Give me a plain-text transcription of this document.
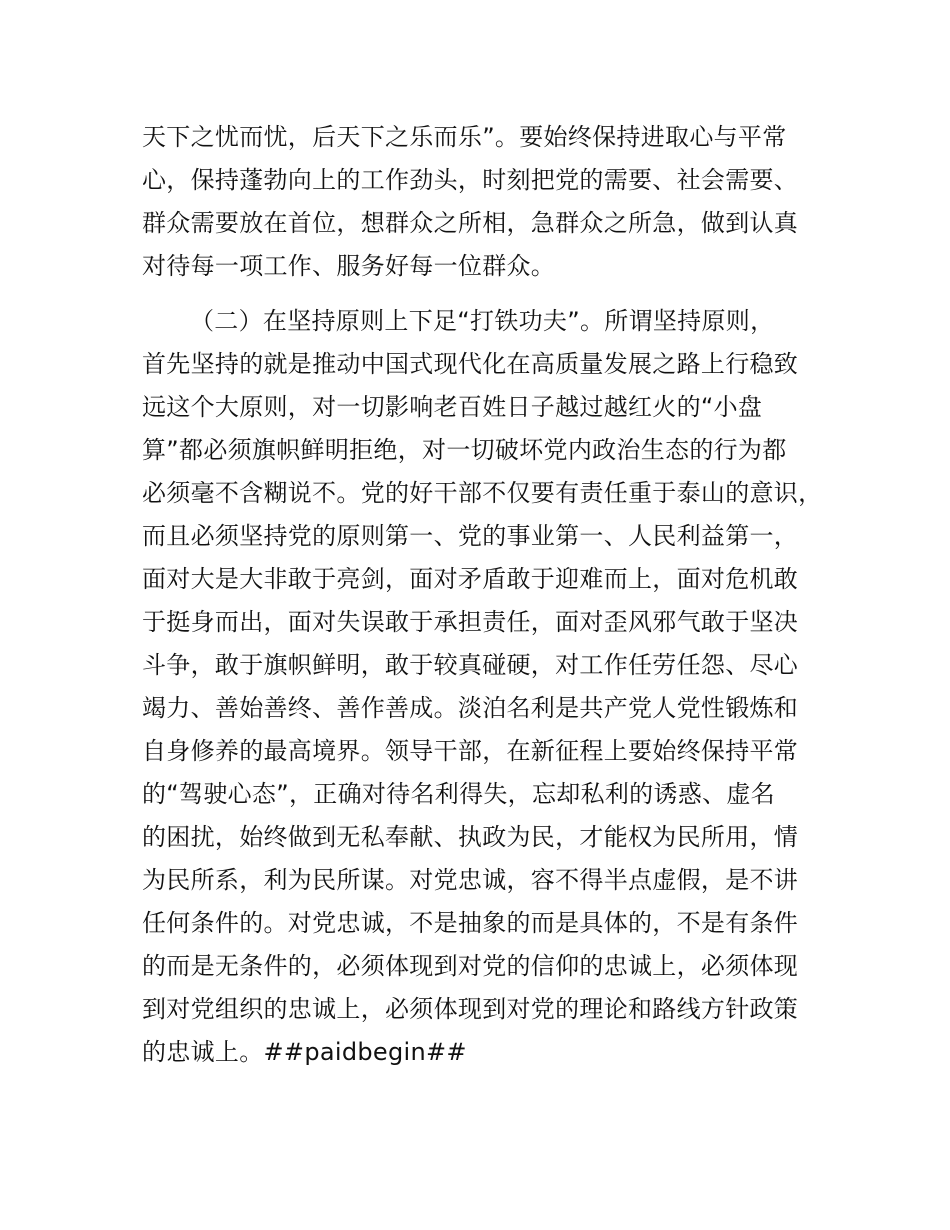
天下之忧而忧，后天下之乐而乐”。要始终保持进取心与平常
心，保持蓬勃向上的工作劲头，时刻把党的需要、社会需要、
群众需要放在首位，想群众之所相，急群众之所急，做到认真
对待每一项工作、服务好每一位群众。
（二）在坚持原则上下足“打铁功夫”。所谓坚持原则，
首先坚持的就是推动中国式现代化在高质量发展之路上行稳致
远这个大原则，对一切影响老百姓日子越过越红火的“小盘
算”都必须旗帜鲜明拒绝，对一切破坏党内政治生态的行为都
必须毫不含糊说不。党的好干部不仅要有责任重于泰山的意识，
而且必须坚持党的原则第一、党的事业第一、人民利益第一，
面对大是大非敢于亮剑，面对矛盾敢于迎难而上，面对危机敢
于挺身而出，面对失误敢于承担责任，面对歪风邪气敢于坚决
斗争，敢于旗帜鲜明，敢于较真碰硬，对工作任劳任怨、尽心
竭力、善始善终、善作善成。淡泊名利是共产党人党性锻炼和
自身修养的最高境界。领导干部，在新征程上要始终保持平常
的“驾驶心态”，正确对待名利得失，忘却私利的诱惑、虚名
的困扰，始终做到无私奉献、执政为民，才能权为民所用，情
为民所系，利为民所谋。对党忠诚，容不得半点虚假，是不讲
任何条件的。对党忠诚，不是抽象的而是具体的，不是有条件
的而是无条件的，必须体现到对党的信仰的忠诚上，必须体现
到对党组织的忠诚上，必须体现到对党的理论和路线方针政策
的忠诚上。##paidbegin##
